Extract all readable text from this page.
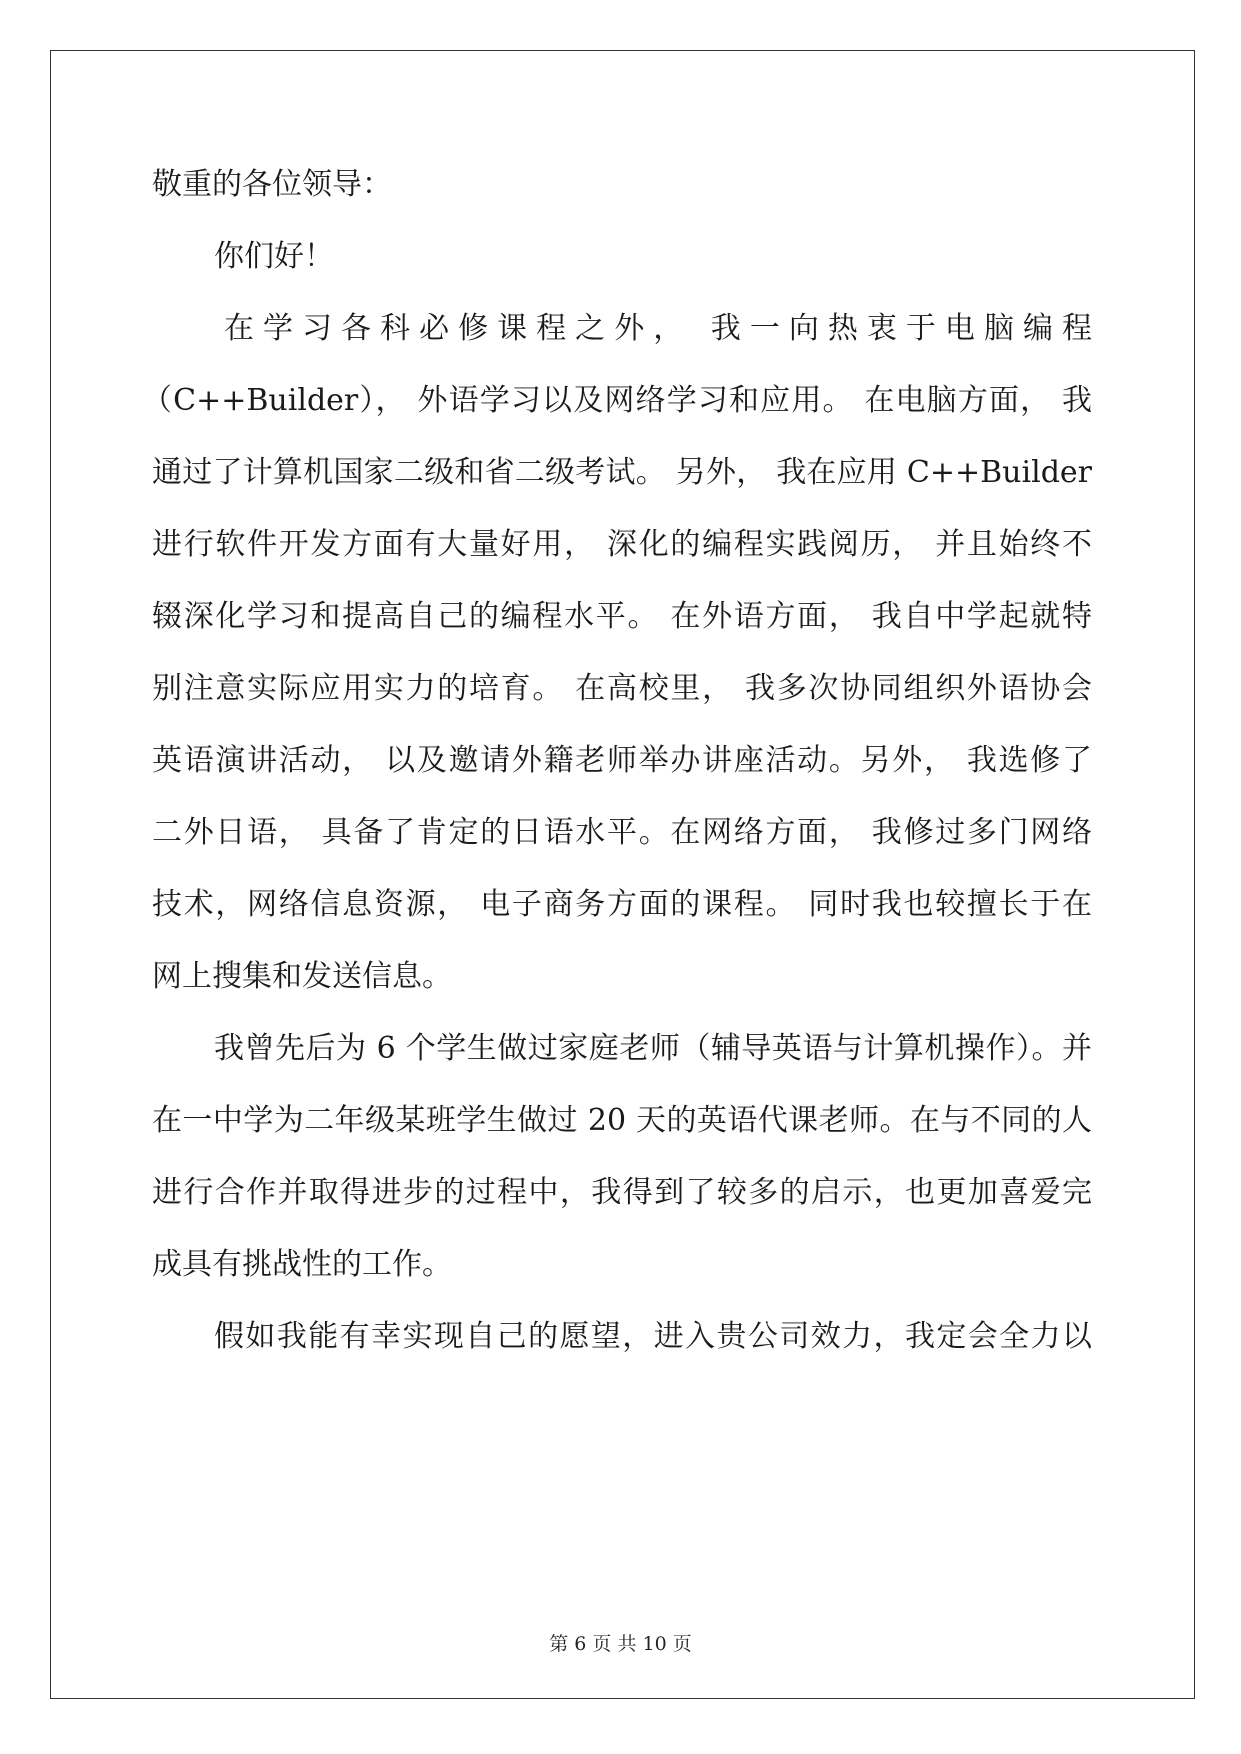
敬重的各位领导：
你们好！
在学习各科必修课程之外， 我一向热衷于电脑编程
（C++Builder）， 外语学习以及网络学习和应用。 在电脑方面， 我
通过了计算机国家二级和省二级考试。 另外， 我在应用 C++Builder
进行软件开发方面有大量好用， 深化的编程实践阅历， 并且始终不
辍深化学习和提高自己的编程水平。 在外语方面， 我自中学起就特
别注意实际应用实力的培育。 在高校里， 我多次协同组织外语协会
英语演讲活动， 以及邀请外籍老师举办讲座活动。另外， 我选修了
二外日语， 具备了肯定的日语水平。在网络方面， 我修过多门网络
技术，网络信息资源， 电子商务方面的课程。 同时我也较擅长于在
网上搜集和发送信息。
我曾先后为 6 个学生做过家庭老师（辅导英语与计算机操作）。并
在一中学为二年级某班学生做过 20 天的英语代课老师。在与不同的人
进行合作并取得进步的过程中，我得到了较多的启示，也更加喜爱完
成具有挑战性的工作。
假如我能有幸实现自己的愿望，进入贵公司效力，我定会全力以
第 6 页 共 10 页
